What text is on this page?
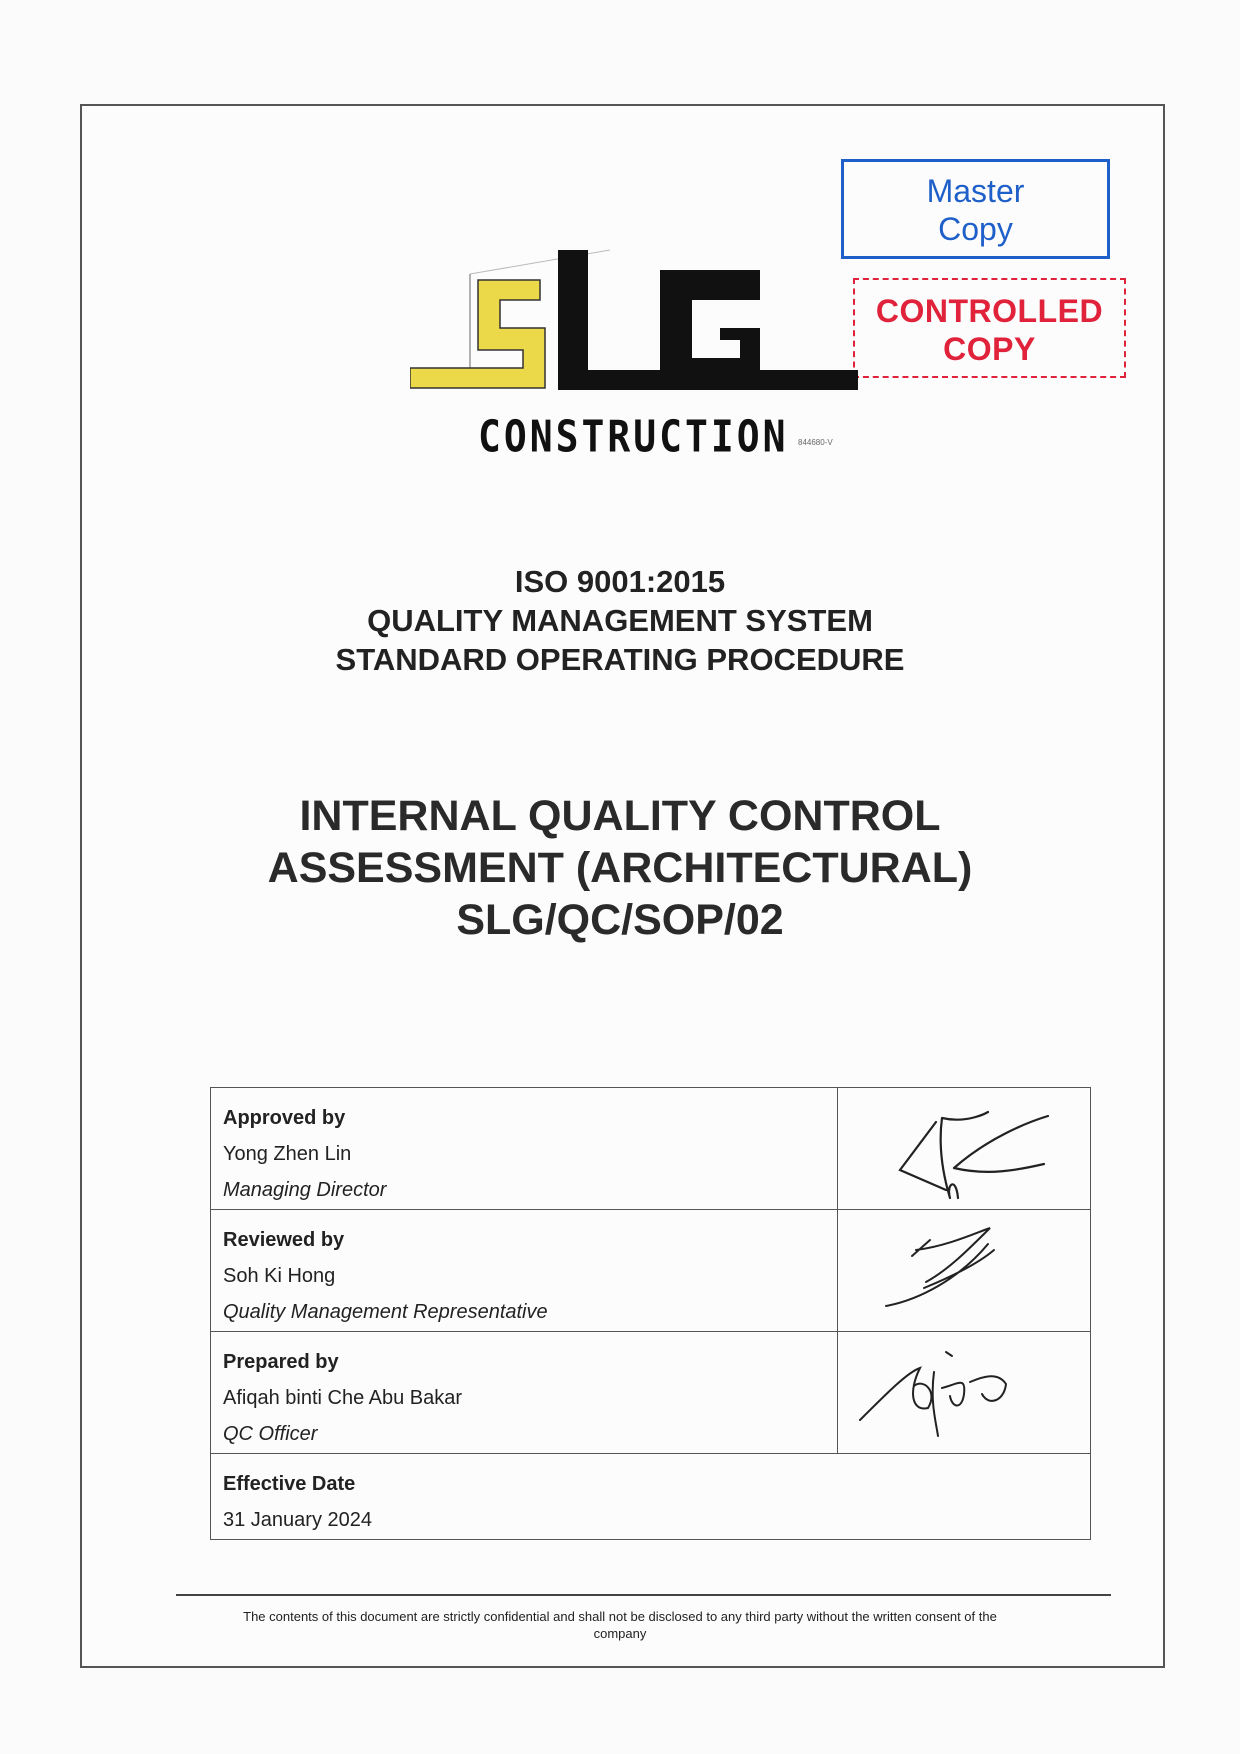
Master
Copy
CONTROLLED
COPY
CONSTRUCTION 844680-V
ISO 9001:2015
QUALITY MANAGEMENT SYSTEM
STANDARD OPERATING PROCEDURE
INTERNAL QUALITY CONTROL
ASSESSMENT (ARCHITECTURAL)
SLG/QC/SOP/02
Approved by
Yong Zhen Lin
Managing Director

Reviewed by
Soh Ki Hong
Quality Management Representative

Prepared by
Afiqah binti Che Abu Bakar
QC Officer

Effective Date
31 January 2024	
The contents of this document are strictly confidential and shall not be disclosed to any third party without the written consent of the
company
